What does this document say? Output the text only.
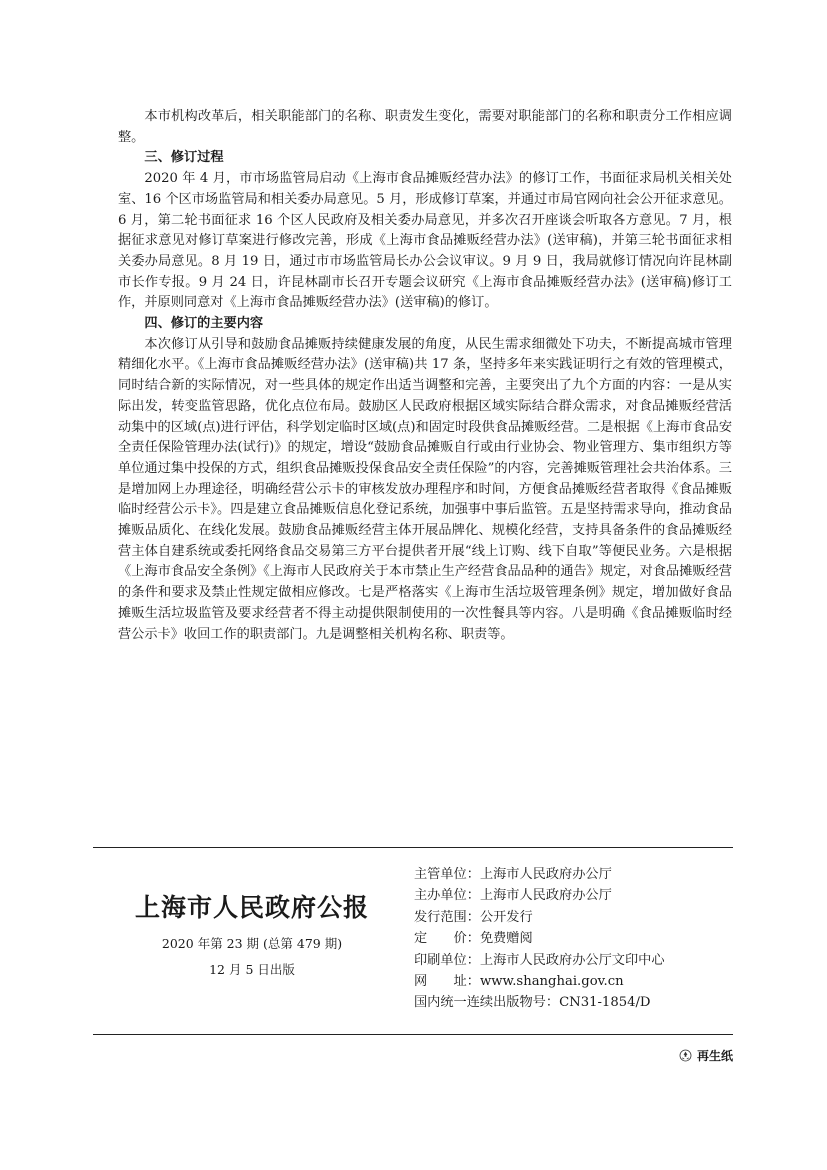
本市机构改革后，相关职能部门的名称、职责发生变化，需要对职能部门的名称和职责分工作相应调整。

三、修订过程

2020 年 4 月，市市场监管局启动《上海市食品摊贩经营办法》的修订工作，书面征求局机关相关处室、16 个区市场监管局和相关委办局意见。5 月，形成修订草案，并通过市局官网向社会公开征求意见。6 月，第二轮书面征求 16 个区人民政府及相关委办局意见，并多次召开座谈会听取各方意见。7 月，根据征求意见对修订草案进行修改完善，形成《上海市食品摊贩经营办法》(送审稿)，并第三轮书面征求相关委办局意见。8 月 19 日，通过市市场监管局长办公会议审议。9 月 9 日，我局就修订情况向许昆林副市长作专报。9 月 24 日，许昆林副市长召开专题会议研究《上海市食品摊贩经营办法》(送审稿)修订工作，并原则同意对《上海市食品摊贩经营办法》(送审稿)的修订。

四、修订的主要内容

本次修订从引导和鼓励食品摊贩持续健康发展的角度，从民生需求细微处下功夫，不断提高城市管理精细化水平。《上海市食品摊贩经营办法》(送审稿)共 17 条，坚持多年来实践证明行之有效的管理模式，同时结合新的实际情况，对一些具体的规定作出适当调整和完善，主要突出了九个方面的内容：一是从实际出发，转变监管思路，优化点位布局。鼓励区人民政府根据区域实际结合群众需求，对食品摊贩经营活动集中的区域(点)进行评估，科学划定临时区域(点)和固定时段供食品摊贩经营。二是根据《上海市食品安全责任保险管理办法(试行)》的规定，增设“鼓励食品摊贩自行或由行业协会、物业管理方、集市组织方等单位通过集中投保的方式，组织食品摊贩投保食品安全责任保险”的内容，完善摊贩管理社会共治体系。三是增加网上办理途径，明确经营公示卡的审核发放办理程序和时间，方便食品摊贩经营者取得《食品摊贩临时经营公示卡》。四是建立食品摊贩信息化登记系统，加强事中事后监管。五是坚持需求导向，推动食品摊贩品质化、在线化发展。鼓励食品摊贩经营主体开展品牌化、规模化经营，支持具备条件的食品摊贩经营主体自建系统或委托网络食品交易第三方平台提供者开展“线上订购、线下自取”等便民业务。六是根据《上海市食品安全条例》《上海市人民政府关于本市禁止生产经营食品品种的通告》规定，对食品摊贩经营的条件和要求及禁止性规定做相应修改。七是严格落实《上海市生活垃圾管理条例》规定，增加做好食品摊贩生活垃圾监管及要求经营者不得主动提供限制使用的一次性餐具等内容。八是明确《食品摊贩临时经营公示卡》收回工作的职责部门。九是调整相关机构名称、职责等。

上海市人民政府公报
2020 年第 23 期 (总第 479 期)
12 月 5 日出版
主管单位：上海市人民政府办公厅
主办单位：上海市人民政府办公厅
发行范围：公开发行
定　　价：免费赠阅
印刷单位：上海市人民政府办公厅文印中心
网　　址：www.shanghai.gov.cn
国内统一连续出版物号：CN31-1854/D
再生纸
